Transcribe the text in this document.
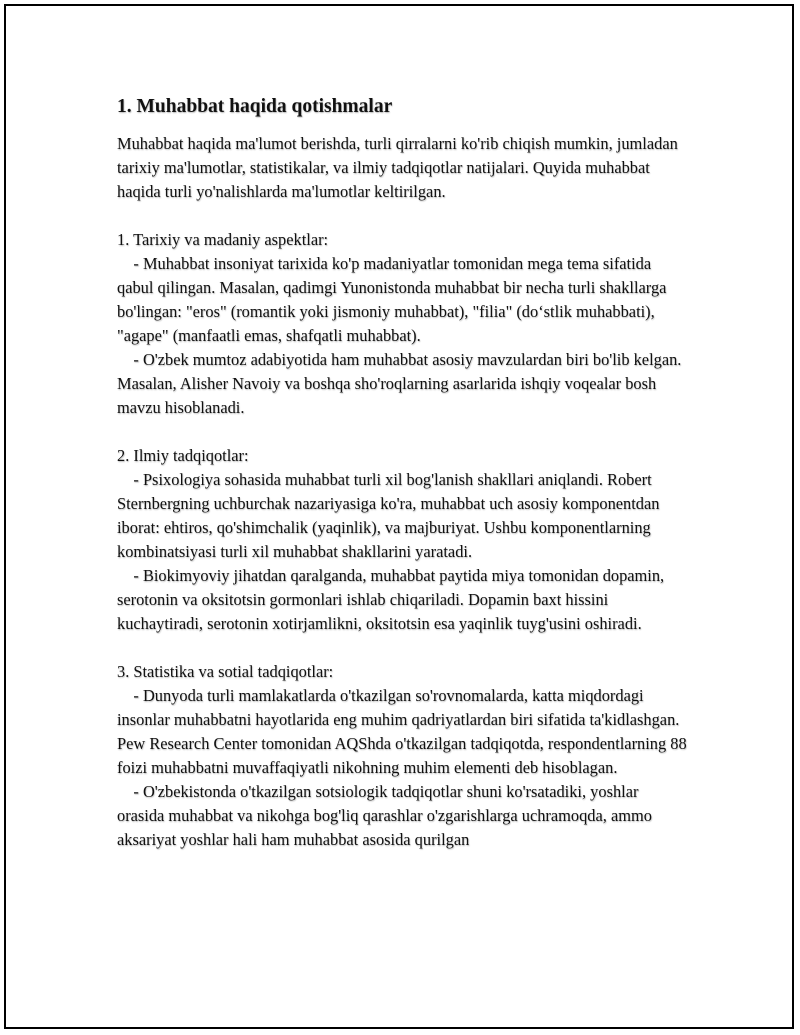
1. Muhabbat haqida qotishmalar

Muhabbat haqida ma'lumot berishda, turli qirralarni ko'rib chiqish mumkin, jumladan tarixiy ma'lumotlar, statistikalar, va ilmiy tadqiqotlar natijalari. Quyida muhabbat haqida turli yo'nalishlarda ma'lumotlar keltirilgan.

1. Tarixiy va madaniy aspektlar:

- Muhabbat insoniyat tarixida ko'p madaniyatlar tomonidan mega tema sifatida qabul qilingan. Masalan, qadimgi Yunonistonda muhabbat bir necha turli shakllarga bo'lingan: "eros" (romantik yoki jismoniy muhabbat), "filia" (do‘stlik muhabbati), "agape" (manfaatli emas, shafqatli muhabbat).

- O'zbek mumtoz adabiyotida ham muhabbat asosiy mavzulardan biri bo'lib kelgan. Masalan, Alisher Navoiy va boshqa sho'roqlarning asarlarida ishqiy voqealar bosh mavzu hisoblanadi.

2. Ilmiy tadqiqotlar:

- Psixologiya sohasida muhabbat turli xil bog'lanish shakllari aniqlandi. Robert Sternbergning uchburchak nazariyasiga ko'ra, muhabbat uch asosiy komponentdan iborat: ehtiros, qo'shimchalik (yaqinlik), va majburiyat. Ushbu komponentlarning kombinatsiyasi turli xil muhabbat shakllarini yaratadi.

- Biokimyoviy jihatdan qaralganda, muhabbat paytida miya tomonidan dopamin, serotonin va oksitotsin gormonlari ishlab chiqariladi. Dopamin baxt hissini kuchaytiradi, serotonin xotirjamlikni, oksitotsin esa yaqinlik tuyg'usini oshiradi.

3. Statistika va sotial tadqiqotlar:

- Dunyoda turli mamlakatlarda o'tkazilgan so'rovnomalarda, katta miqdordagi insonlar muhabbatni hayotlarida eng muhim qadriyatlardan biri sifatida ta'kidlashgan. Pew Research Center tomonidan AQShda o'tkazilgan tadqiqotda, respondentlarning 88 foizi muhabbatni muvaffaqiyatli nikohning muhim elementi deb hisoblagan.

- O'zbekistonda o'tkazilgan sotsiologik tadqiqotlar shuni ko'rsatadiki, yoshlar orasida muhabbat va nikohga bog'liq qarashlar o'zgarishlarga uchramoqda, ammo aksariyat yoshlar hali ham muhabbat asosida qurilgan
